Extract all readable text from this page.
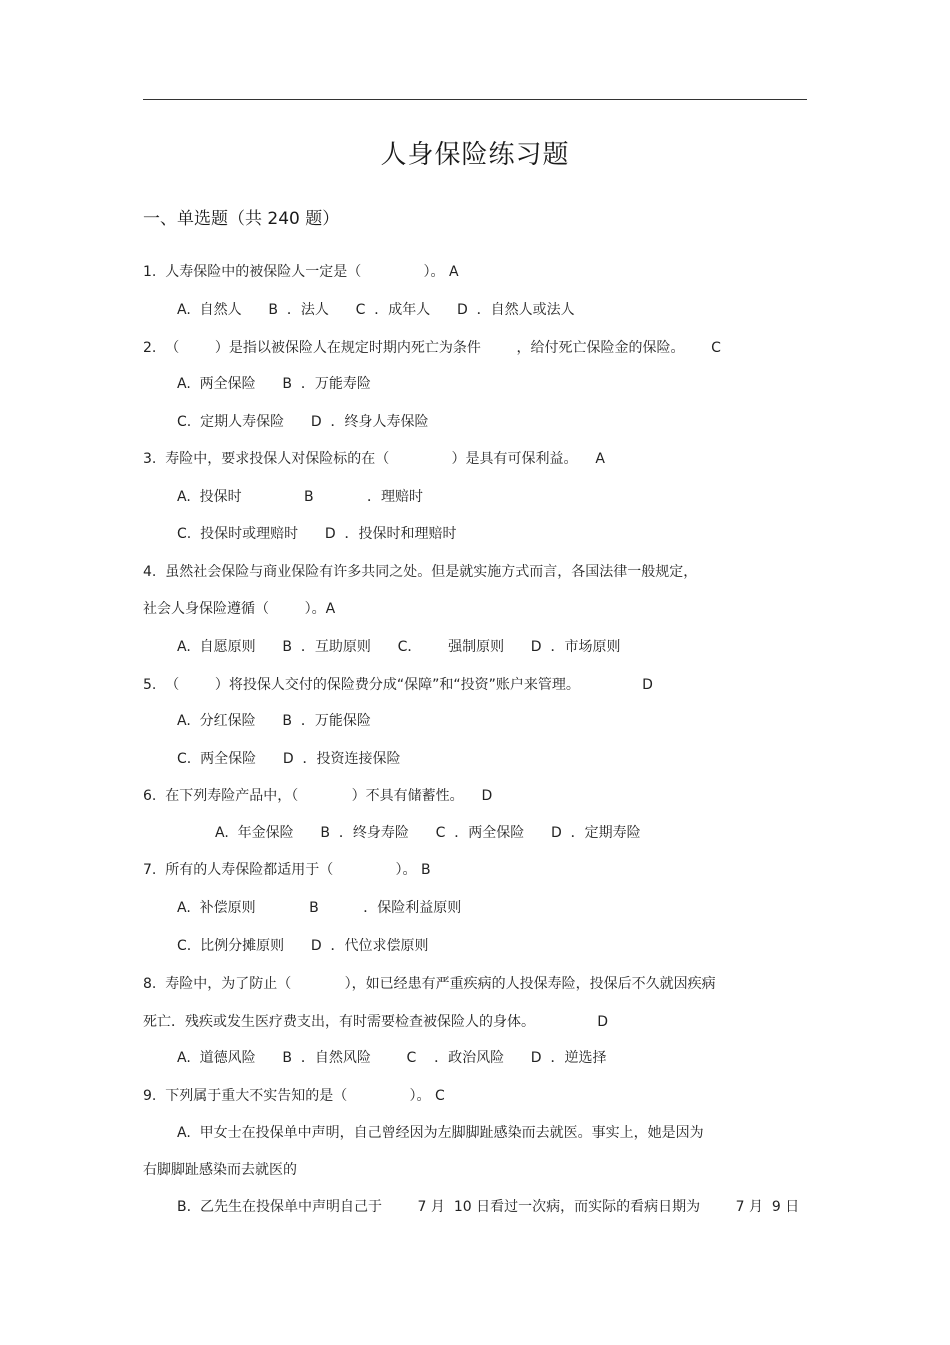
人身保险练习题
一、单选题（共 240 题）
1.  人寿保险中的被保险人一定是（              ）。 A
A.  自然人      B  ．法人      C  ．成年人      D  ．自然人或法人
2.  （        ）是指以被保险人在规定时期内死亡为条件        ，给付死亡保险金的保险。      C
A.  两全保险      B  ．万能寿险
C.  定期人寿保险      D  ．终身人寿保险
3.  寿险中，要求投保人对保险标的在（              ）是具有可保利益。    A
A.  投保时              B            ．理赔时
C.  投保时或理赔时      D  ．投保时和理赔时
4.  虽然社会保险与商业保险有许多共同之处。但是就实施方式而言，各国法律一般规定，
社会人身保险遵循（        ）。A
A.  自愿原则      B  ．互助原则      C．      强制原则      D  ．市场原则
5.  （        ）将投保人交付的保险费分成“保障”和“投资”账户来管理。              D
A.  分红保险      B  ．万能保险
C.  两全保险      D  ．投资连接保险
6.  在下列寿险产品中，（            ）不具有储蓄性。    D
A.  年金保险      B  ．终身寿险      C  ．两全保险      D  ．定期寿险
7.  所有的人寿保险都适用于（              ）。 B
A.  补偿原则            B          ．保险利益原则
C.  比例分摊原则      D  ．代位求偿原则
8.  寿险中，为了防止（            ），如已经患有严重疾病的人投保寿险，投保后不久就因疾病
死亡．残疾或发生医疗费支出，有时需要检查被保险人的身体。              D
A.  道德风险      B  ．自然风险        C    ．政治风险      D  ．逆选择
9.  下列属于重大不实告知的是（              ）。 C
A.  甲女士在投保单中声明，自己曾经因为左脚脚趾感染而去就医。事实上，她是因为
右脚脚趾感染而去就医的
B.  乙先生在投保单中声明自己于        7 月  10 日看过一次病，而实际的看病日期为        7 月  9 日
